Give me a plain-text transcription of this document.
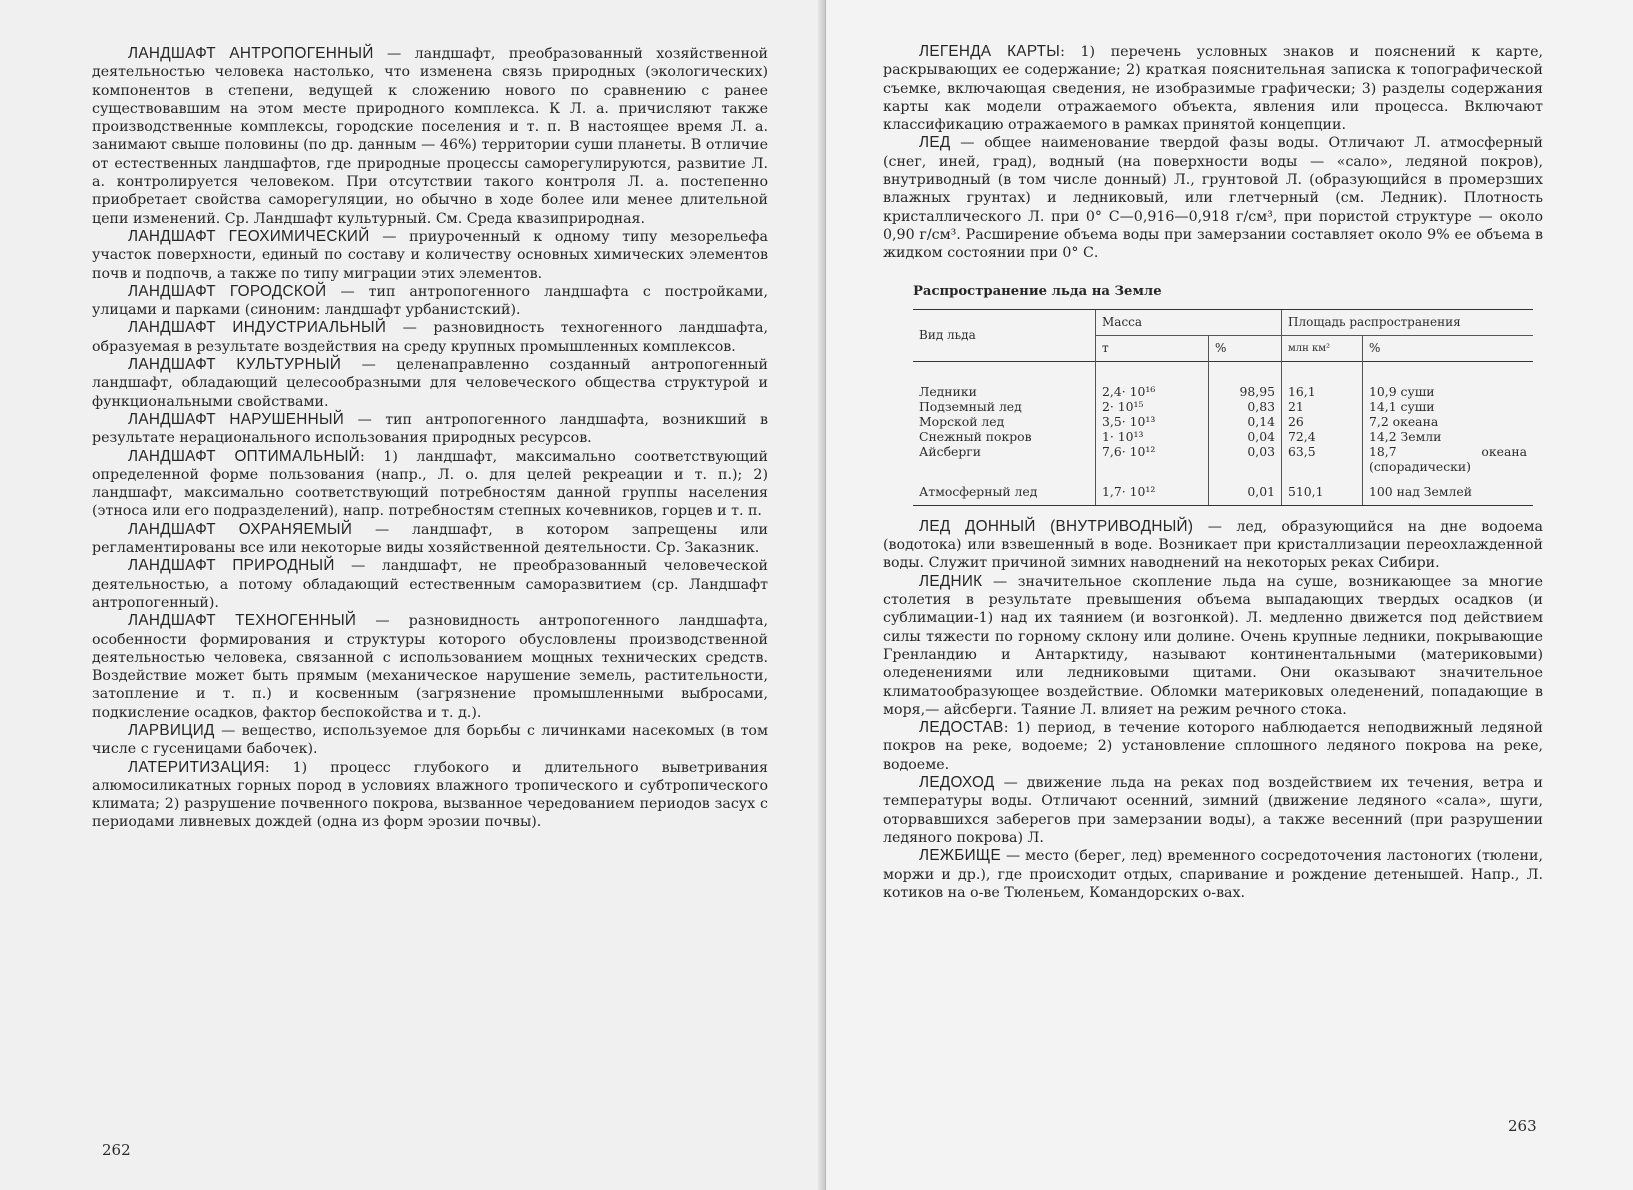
ЛАНДШАФТ АНТРОПОГЕННЫЙ — ландшафт, преобразованный хозяйственной деятельностью человека настолько, что изменена связь природных (экологических) компонентов в степени, ведущей к сложению нового по сравнению с ранее существовавшим на этом месте природного комплекса. К Л. а. причисляют также производственные комплексы, городские поселения и т. п. В настоящее время Л. а. занимают свыше половины (по др. данным — 46%) территории суши планеты. В отличие от естественных ландшафтов, где природные процессы саморегулируются, развитие Л. а. контролируется человеком. При отсутствии такого контроля Л. а. постепенно приобретает свойства саморегуляции, но обычно в ходе более или менее длительной цепи изменений. Ср. Ландшафт культурный. См. Среда квазиприродная.

ЛАНДШАФТ ГЕОХИМИЧЕСКИЙ — приуроченный к одному типу мезорельефа участок поверхности, единый по составу и количеству основных химических элементов почв и подпочв, а также по типу миграции этих элементов.

ЛАНДШАФТ ГОРОДСКОЙ — тип антропогенного ландшафта с постройками, улицами и парками (синоним: ландшафт урбанистский).

ЛАНДШАФТ ИНДУСТРИАЛЬНЫЙ — разновидность техногенного ландшафта, образуемая в результате воздействия на среду крупных промышленных комплексов.

ЛАНДШАФТ КУЛЬТУРНЫЙ — целенаправленно созданный антропогенный ландшафт, обладающий целесообразными для человеческого общества структурой и функциональными свойствами.

ЛАНДШАФТ НАРУШЕННЫЙ — тип антропогенного ландшафта, возникший в результате нерационального использования природных ресурсов.

ЛАНДШАФТ ОПТИМАЛЬНЫЙ: 1) ландшафт, максимально соответствующий определенной форме пользования (напр., Л. о. для целей рекреации и т. п.); 2) ландшафт, максимально соответствующий потребностям данной группы населения (этноса или его подразделений), напр. потребностям степных кочевников, горцев и т. п.

ЛАНДШАФТ ОХРАНЯЕМЫЙ — ландшафт, в котором запрещены или регламентированы все или некоторые виды хозяйственной деятельности. Ср. Заказник.

ЛАНДШАФТ ПРИРОДНЫЙ — ландшафт, не преобразованный человеческой деятельностью, а потому обладающий естественным саморазвитием (ср. Ландшафт антропогенный).

ЛАНДШАФТ ТЕХНОГЕННЫЙ — разновидность антропогенного ландшафта, особенности формирования и структуры которого обусловлены производственной деятельностью человека, связанной с использованием мощных технических средств. Воздействие может быть прямым (механическое нарушение земель, растительности, затопление и т. п.) и косвенным (загрязнение промышленными выбросами, подкисление осадков, фактор беспокойства и т. д.).

ЛАРВИЦИД — вещество, используемое для борьбы с личинками насекомых (в том числе с гусеницами бабочек).

ЛАТЕРИТИЗАЦИЯ: 1) процесс глубокого и длительного выветривания алюмосиликатных горных пород в условиях влажного тропического и субтропического климата; 2) разрушение почвенного покрова, вызванное чередованием периодов засух с периодами ливневых дождей (одна из форм эрозии почвы).

262

ЛЕГЕНДА КАРТЫ: 1) перечень условных знаков и пояснений к карте, раскрывающих ее содержание; 2) краткая пояснительная записка к топографической съемке, включающая сведения, не изобразимые графически; 3) разделы содержания карты как модели отражаемого объекта, явления или процесса. Включают классификацию отражаемого в рамках принятой концепции.

ЛЕД — общее наименование твердой фазы воды. Отличают Л. атмосферный (снег, иней, град), водный (на поверхности воды — «сало», ледяной покров), внутриводный (в том числе донный) Л., грунтовой Л. (образующийся в промерзших влажных грунтах) и ледниковый, или глетчерный (см. Ледник). Плотность кристаллического Л. при 0° С—0,916—0,918 г/см³, при пористой структуре — около 0,90 г/см³. Расширение объема воды при замерзании составляет около 9% ее объема в жидком состоянии при 0° С.

Распространение льда на Земле
Вид льда	Масса		Площадь распространения	
	т	%	млн км²	%
Ледники	2,4· 10¹⁶	98,95	16,1	10,9 суши
Подземный лед	2· 10¹⁵	0,83	21	14,1 суши
Морской лед	3,5· 10¹³	0,14	26	7,2 океана
Снежный покров	1· 10¹³	0,04	72,4	14,2 Земли
Айсберги	7,6· 10¹²	0,03	63,5	18,7 океана (спорадически)
Атмосферный лед	1,7· 10¹²	0,01	510,1	100 над Землей

ЛЕД ДОННЫЙ (ВНУТРИВОДНЫЙ) — лед, образующийся на дне водоема (водотока) или взвешенный в воде. Возникает при кристаллизации переохлажденной воды. Служит причиной зимних наводнений на некоторых реках Сибири.

ЛЕДНИК — значительное скопление льда на суше, возникающее за многие столетия в результате превышения объема выпадающих твердых осадков (и сублимации-1) над их таянием (и возгонкой). Л. медленно движется под действием силы тяжести по горному склону или долине. Очень крупные ледники, покрывающие Гренландию и Антарктиду, называют континентальными (материковыми) оледенениями или ледниковыми щитами. Они оказывают значительное климатообразующее воздействие. Обломки материковых оледенений, попадающие в моря,— айсберги. Таяние Л. влияет на режим речного стока.

ЛЕДОСТАВ: 1) период, в течение которого наблюдается неподвижный ледяной покров на реке, водоеме; 2) установление сплошного ледяного покрова на реке, водоеме.

ЛЕДОХОД — движение льда на реках под воздействием их течения, ветра и температуры воды. Отличают осенний, зимний (движение ледяного «сала», шуги, оторвавшихся заберегов при замерзании воды), а также весенний (при разрушении ледяного покрова) Л.

ЛЕЖБИЩЕ — место (берег, лед) временного сосредоточения ластоногих (тюлени, моржи и др.), где происходит отдых, спаривание и рождение детенышей. Напр., Л. котиков на о-ве Тюленьем, Командорских о-вах.

263
